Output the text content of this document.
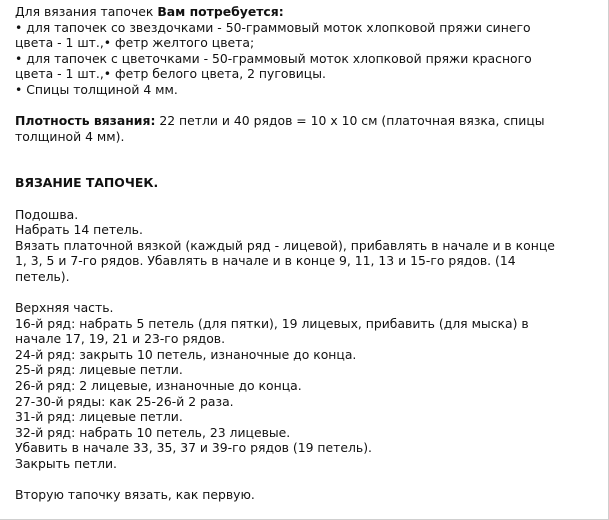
Для вязания тапочек Вам потребуется:
• для тапочек со звездочками - 50-граммовый моток хлопковой пряжи синего
цвета - 1 шт.,• фетр желтого цвета;
• для тапочек с цветочками - 50-граммовый моток хлопковой пряжи красного
цвета - 1 шт.,• фетр белого цвета, 2 пуговицы.
• Спицы толщиной 4 мм.
Плотность вязания: 22 петли и 40 рядов = 10 х 10 см (платочная вязка, спицы
толщиной 4 мм).
ВЯЗАНИЕ ТАПОЧЕК.
Подошва.
Набрать 14 петель.
Вязать платочной вязкой (каждый ряд - лицевой), прибавлять в начале и в конце
1, 3, 5 и 7-го рядов. Убавлять в начале и в конце 9, 11, 13 и 15-го рядов. (14
петель).
Верхняя часть.
16-й ряд: набрать 5 петель (для пятки), 19 лицевых, прибавить (для мыска) в
начале 17, 19, 21 и 23-го рядов.
24-й ряд: закрыть 10 петель, изнаночные до конца.
25-й ряд: лицевые петли.
26-й ряд: 2 лицевые, изнаночные до конца.
27-30-й ряды: как 25-26-й 2 раза.
31-й ряд: лицевые петли.
32-й ряд: набрать 10 петель, 23 лицевые.
Убавить в начале 33, 35, 37 и 39-го рядов (19 петель).
Закрыть петли.
Вторую тапочку вязать, как первую.
